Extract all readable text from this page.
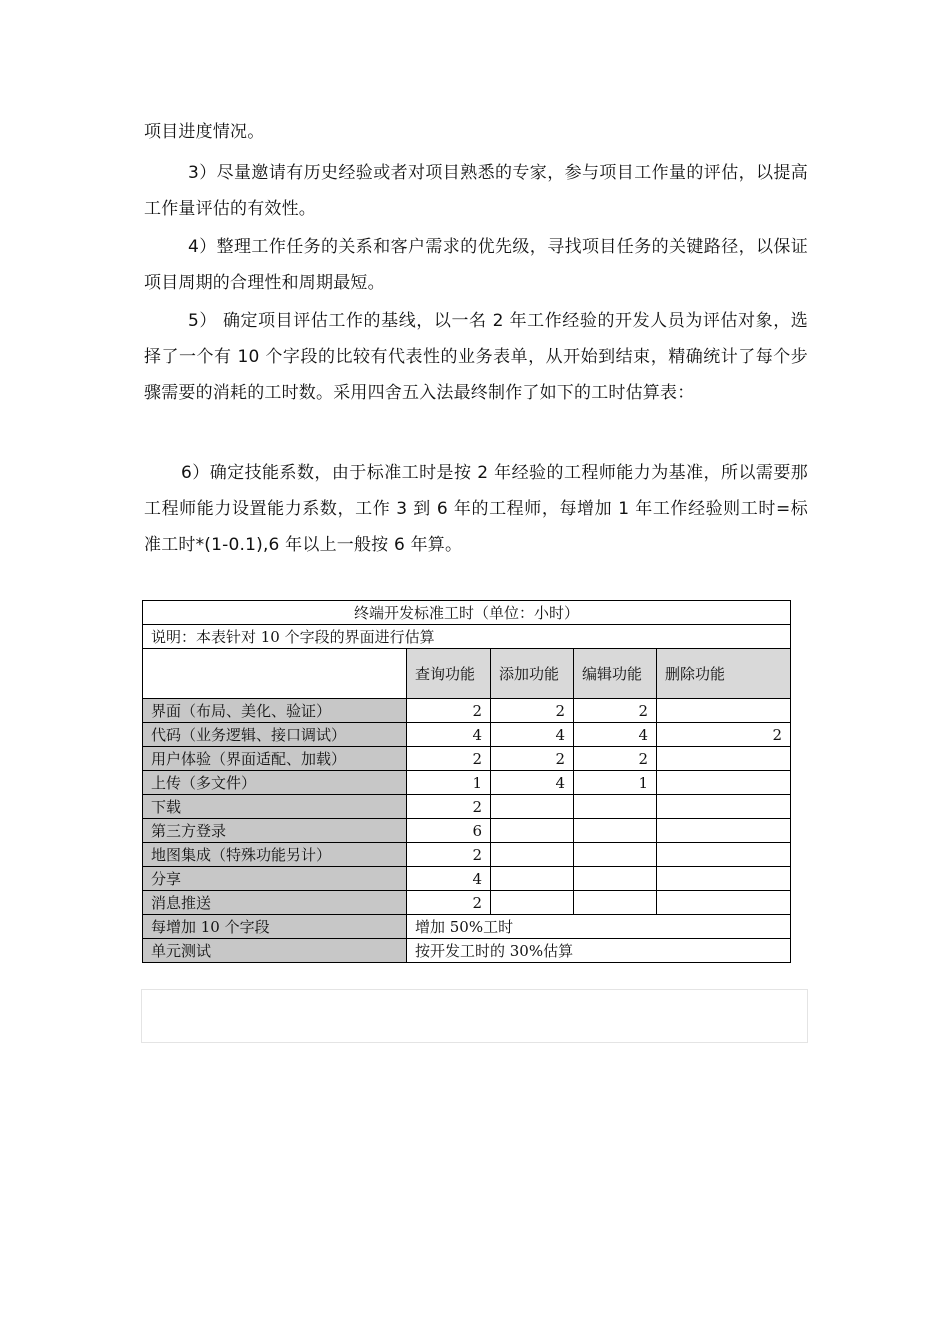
项目进度情况。

3）尽量邀请有历史经验或者对项目熟悉的专家，参与项目工作量的评估，以提高工作量评估的有效性。

4）整理工作任务的关系和客户需求的优先级，寻找项目任务的关键路径，以保证项目周期的合理性和周期最短。

5） 确定项目评估工作的基线，以一名 2 年工作经验的开发人员为评估对象，选择了一个有 10 个字段的比较有代表性的业务表单，从开始到结束，精确统计了每个步骤需要的消耗的工时数。采用四舍五入法最终制作了如下的工时估算表：

6）确定技能系数，由于标准工时是按 2 年经验的工程师能力为基准，所以需要那工程师能力设置能力系数，工作 3 到 6 年的工程师，每增加 1 年工作经验则工时=标准工时*(1-0.1),6 年以上一般按 6 年算。

终端开发标准工时（单位：小时）				
说明：本表针对 10 个字段的界面进行估算				
	查询功能	添加功能	编辑功能	删除功能
界面（布局、美化、验证）	2	2	2	
代码（业务逻辑、接口调试）	4	4	4	2
用户体验（界面适配、加载）	2	2	2	
上传（多文件）	1	4	1	
下载	2			
第三方登录	6			
地图集成（特殊功能另计）	2			
分享	4			
消息推送	2			
每增加 10 个字段	增加 50%工时			
单元测试	按开发工时的 30%估算			
